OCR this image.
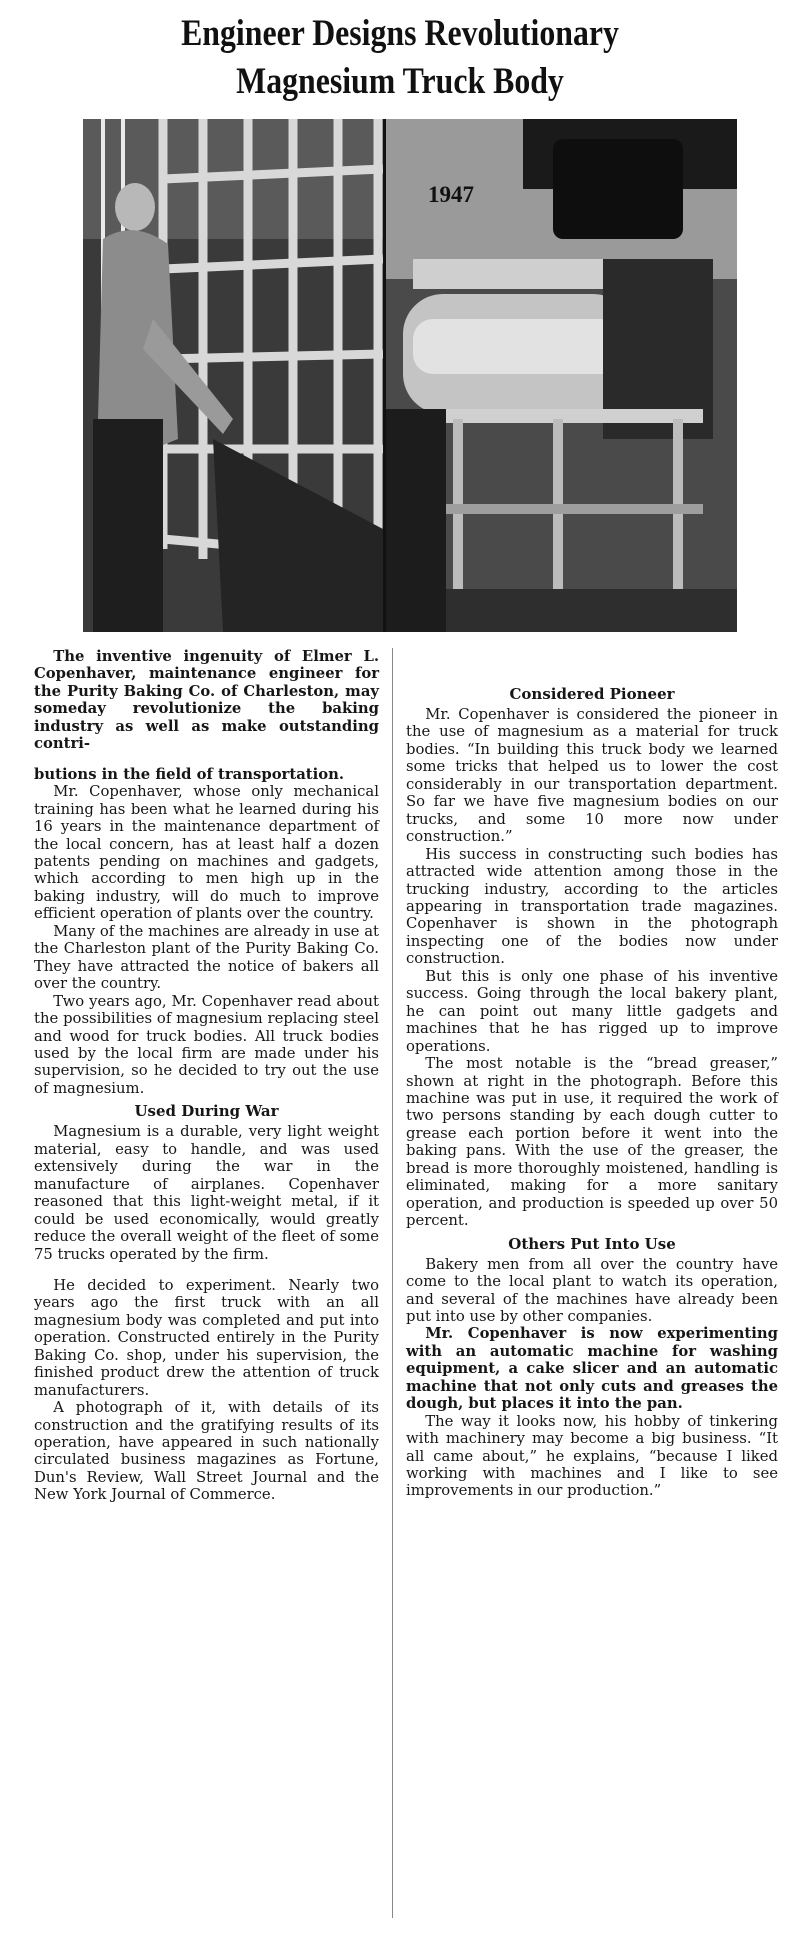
Engineer Designs Revolutionary
Magnesium Truck Body
1947

The inventive ingenuity of Elmer L. Copenhaver, maintenance engineer for the Purity Baking Co. of Charleston, may someday revolutionize the baking industry as well as make outstanding contri-

butions in the field of transportation.

Mr. Copenhaver, whose only mechanical training has been what he learned during his 16 years in the maintenance department of the local concern, has at least half a dozen patents pending on machines and gadgets, which according to men high up in the baking industry, will do much to improve efficient operation of plants over the country.

Many of the machines are already in use at the Charleston plant of the Purity Baking Co. They have attracted the notice of bakers all over the country.

Two years ago, Mr. Copenhaver read about the possibilities of magnesium replacing steel and wood for truck bodies. All truck bodies used by the local firm are made under his supervision, so he decided to try out the use of magnesium.

Used During War

Magnesium is a durable, very light weight material, easy to handle, and was used extensively during the war in the manufacture of airplanes. Copenhaver reasoned that this light-weight metal, if it could be used economically, would greatly reduce the overall weight of the fleet of some 75 trucks operated by the firm.

He decided to experiment. Nearly two years ago the first truck with an all magnesium body was completed and put into operation. Constructed entirely in the Purity Baking Co. shop, under his supervision, the finished product drew the attention of truck manufacturers.

A photograph of it, with details of its construction and the gratifying results of its operation, have appeared in such nationally circulated business magazines as Fortune, Dun's Review, Wall Street Journal and the New York Journal of Commerce.

Considered Pioneer

Mr. Copenhaver is considered the pioneer in the use of magnesium as a material for truck bodies. “In building this truck body we learned some tricks that helped us to lower the cost considerably in our transportation department. So far we have five magnesium bodies on our trucks, and some 10 more now under construction.”

His success in constructing such bodies has attracted wide attention among those in the trucking industry, according to the articles appearing in transportation trade magazines. Copenhaver is shown in the photograph inspecting one of the bodies now under construction.

But this is only one phase of his inventive success. Going through the local bakery plant, he can point out many little gadgets and machines that he has rigged up to improve operations.

The most notable is the “bread greaser,” shown at right in the photograph. Before this machine was put in use, it required the work of two persons standing by each dough cutter to grease each portion before it went into the baking pans. With the use of the greaser, the bread is more thoroughly moistened, handling is eliminated, making for a more sanitary operation, and production is speeded up over 50 percent.

Others Put Into Use

Bakery men from all over the country have come to the local plant to watch its operation, and several of the machines have already been put into use by other companies.

Mr. Copenhaver is now experimenting with an automatic machine for washing equipment, a cake slicer and an automatic machine that not only cuts and greases the dough, but places it into the pan.

The way it looks now, his hobby of tinkering with machinery may become a big business. “It all came about,” he explains, “because I liked working with machines and I like to see improvements in our production.”
